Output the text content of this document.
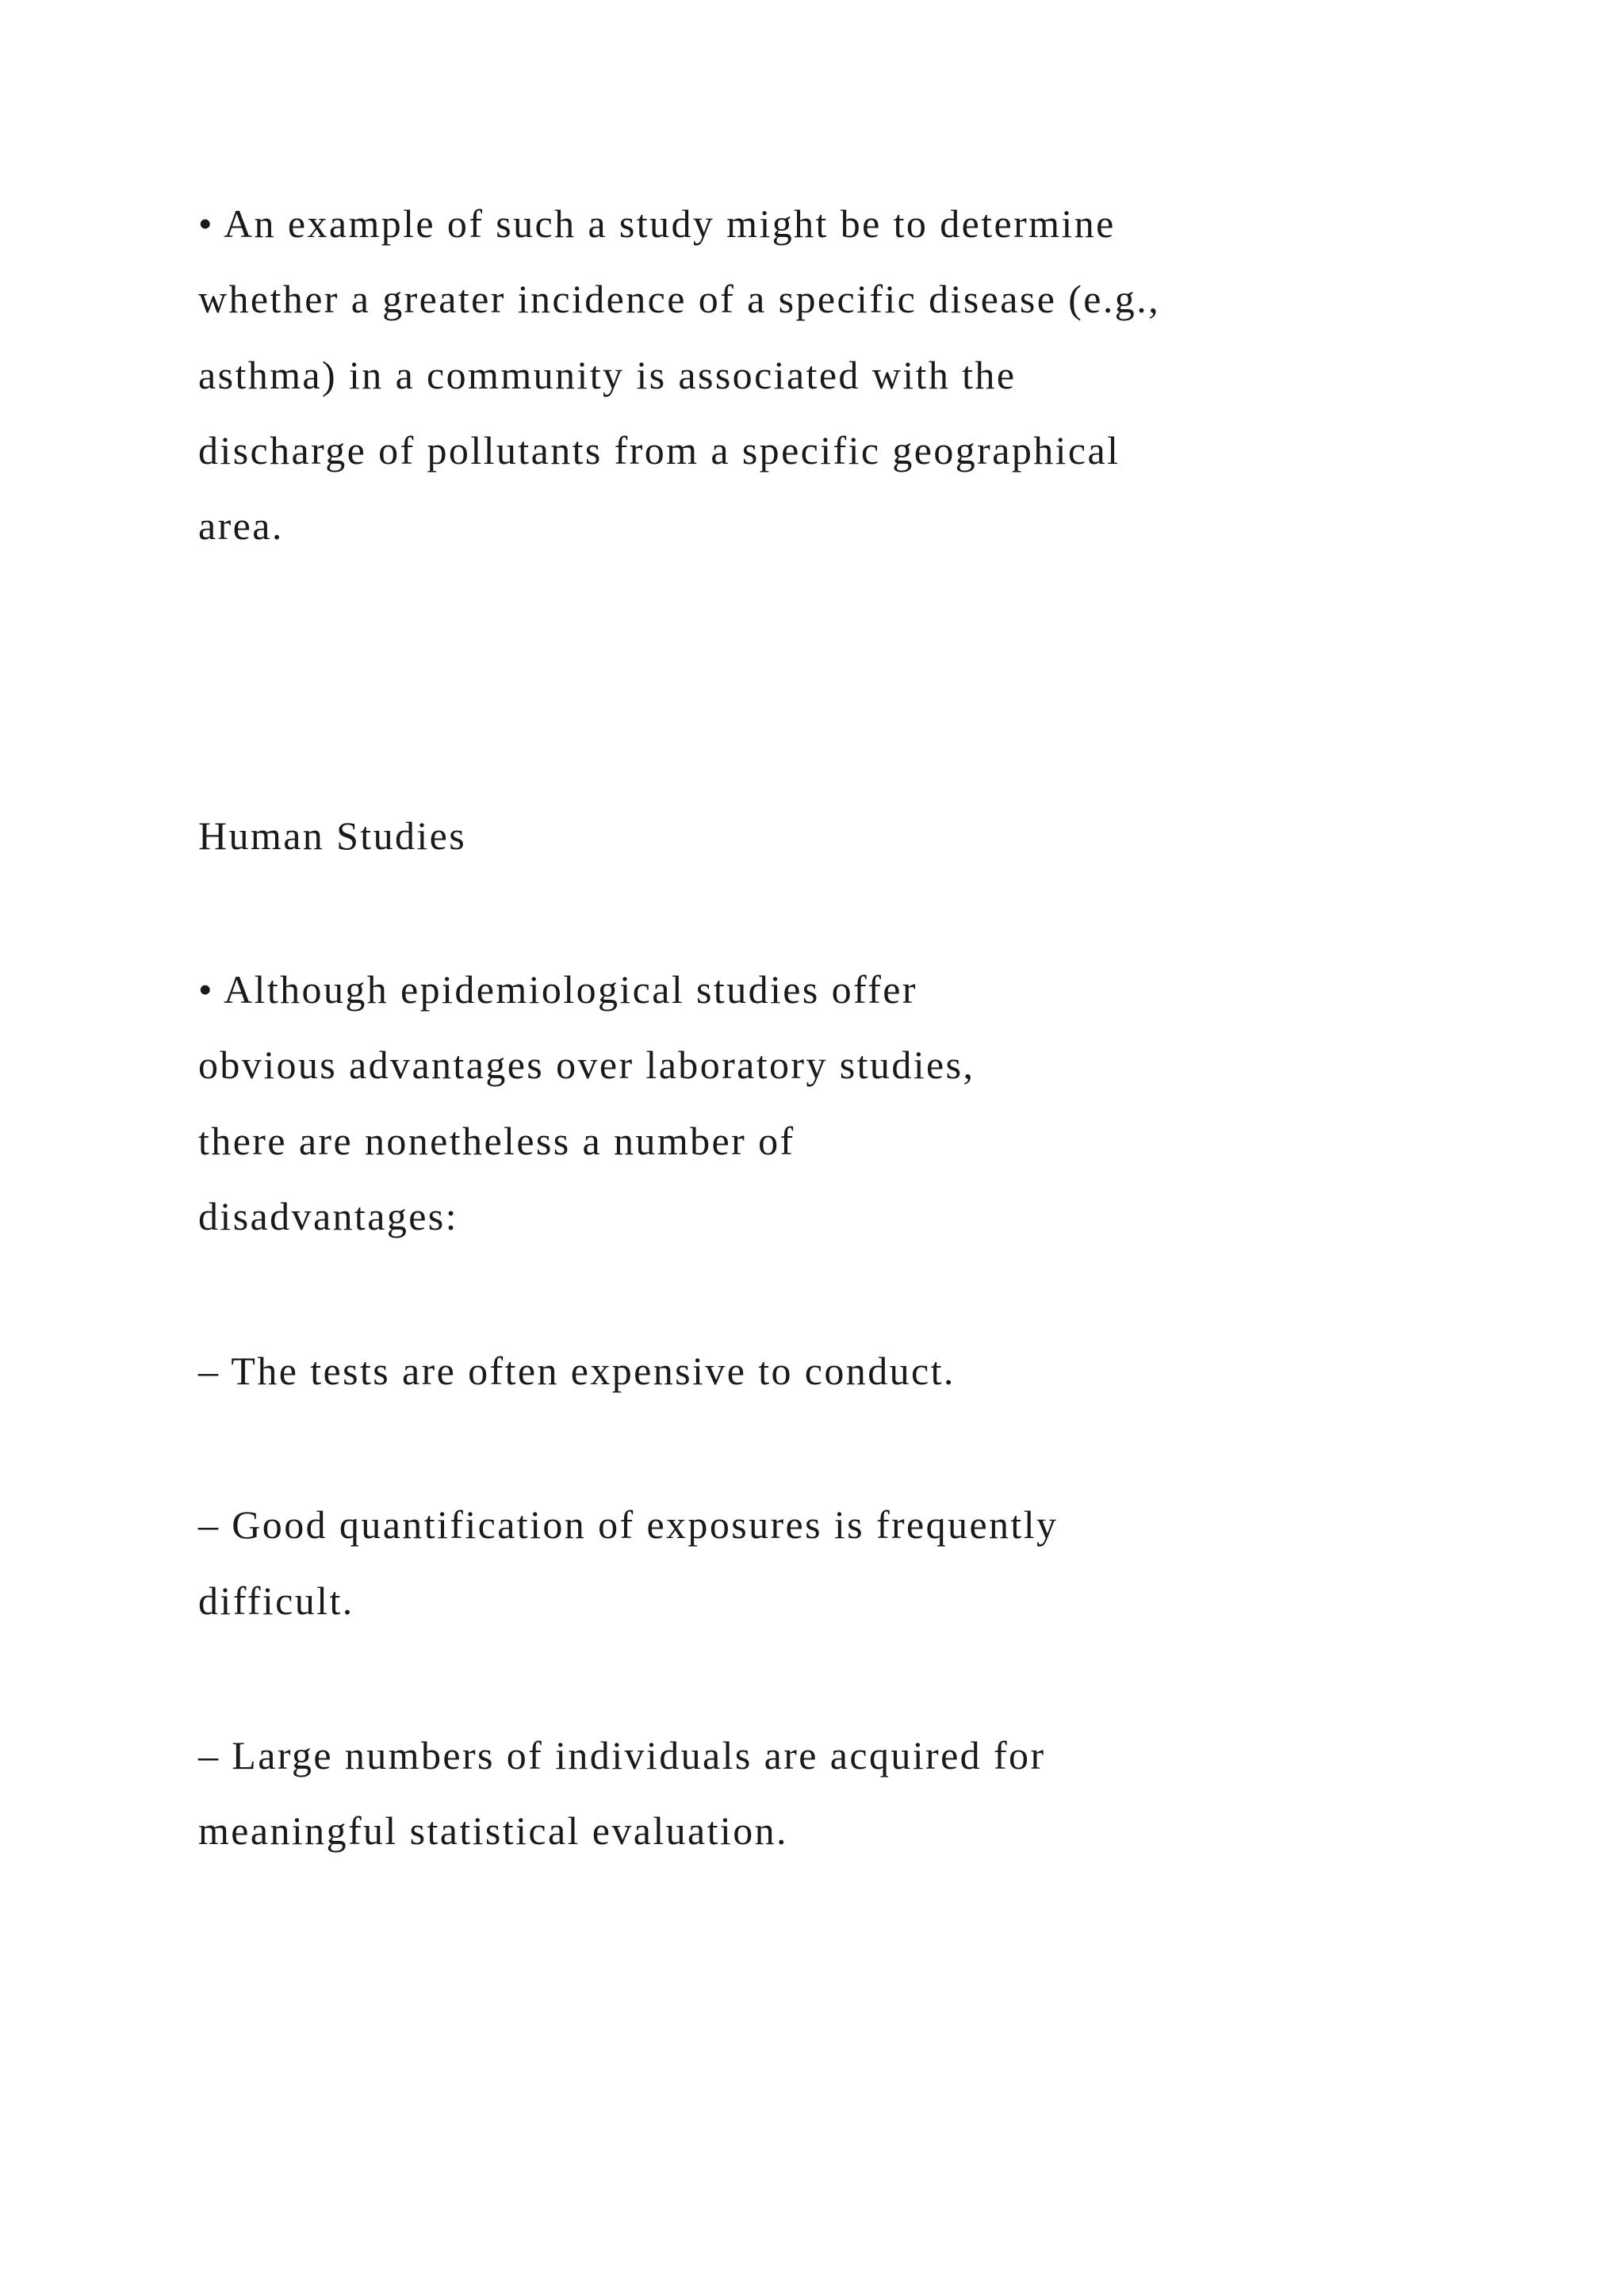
• An example of such a study might be to determine

whether a greater incidence of a specific disease (e.g.,

asthma) in a community is associated with the

discharge of pollutants from a specific geographical

area.

Human Studies

• Although epidemiological studies offer

obvious advantages over laboratory studies,

there are nonetheless a number of

disadvantages:

– The tests are often expensive to conduct.

– Good quantification of exposures is frequently

difficult.

– Large numbers of individuals are acquired for

meaningful statistical evaluation.
